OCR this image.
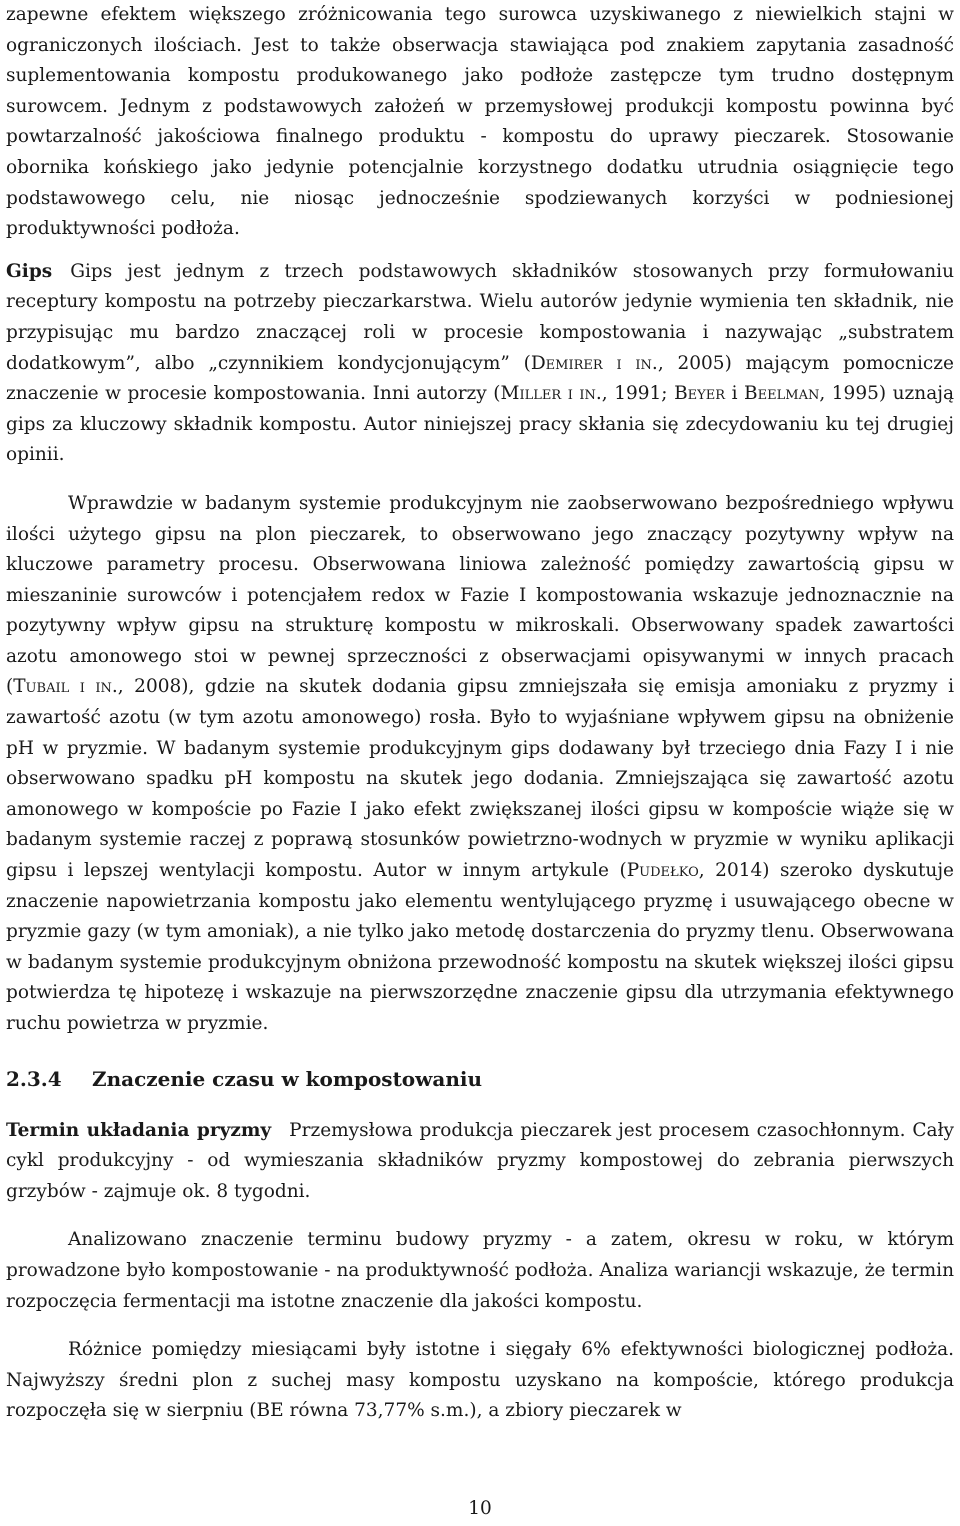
zapewne efektem większego zróżnicowania tego surowca uzyskiwanego z niewielkich stajni w ograniczonych ilościach. Jest to także obserwacja stawiająca pod znakiem zapytania zasadność suplementowania kompostu produkowanego jako podłoże zastępcze tym trudno dostępnym surowcem. Jednym z podstawowych założeń w przemysłowej produkcji kompostu powinna być powtarzalność jakościowa finalnego produktu - kompostu do uprawy pieczarek. Stosowanie obornika końskiego jako jedynie potencjalnie korzystnego dodatku utrudnia osiągnięcie tego podstawowego celu, nie niosąc jednocześnie spodziewanych korzyści w podniesionej produktywności podłoża.

Gips Gips jest jednym z trzech podstawowych składników stosowanych przy formułowaniu receptury kompostu na potrzeby pieczarkarstwa. Wielu autorów jedynie wymienia ten składnik, nie przypisując mu bardzo znaczącej roli w procesie kompostowania i nazywając „substratem dodatkowym”, albo „czynnikiem kondycjonującym” (Demirer i in., 2005) mającym pomocnicze znaczenie w procesie kompostowania. Inni autorzy (Miller i in., 1991; Beyer i Beelman, 1995) uznają gips za kluczowy składnik kompostu. Autor niniejszej pracy skłania się zdecydowaniu ku tej drugiej opinii.

Wprawdzie w badanym systemie produkcyjnym nie zaobserwowano bezpośredniego wpływu ilości użytego gipsu na plon pieczarek, to obserwowano jego znaczący pozytywny wpływ na kluczowe parametry procesu. Obserwowana liniowa zależność pomiędzy zawartością gipsu w mieszaninie surowców i potencjałem redox w Fazie I kompostowania wskazuje jednoznacznie na pozytywny wpływ gipsu na strukturę kompostu w mikroskali. Obserwowany spadek zawartości azotu amonowego stoi w pewnej sprzeczności z obserwacjami opisywanymi w innych pracach (Tubail i in., 2008), gdzie na skutek dodania gipsu zmniejszała się emisja amoniaku z pryzmy i zawartość azotu (w tym azotu amonowego) rosła. Było to wyjaśniane wpływem gipsu na obniżenie pH w pryzmie. W badanym systemie produkcyjnym gips dodawany był trzeciego dnia Fazy I i nie obserwowano spadku pH kompostu na skutek jego dodania. Zmniejszająca się zawartość azotu amonowego w kompoście po Fazie I jako efekt zwiększanej ilości gipsu w kompoście wiąże się w badanym systemie raczej z poprawą stosunków powietrzno-wodnych w pryzmie w wyniku aplikacji gipsu i lepszej wentylacji kompostu. Autor w innym artykule (Pudełko, 2014) szeroko dyskutuje znaczenie napowietrzania kompostu jako elementu wentylującego pryzmę i usuwającego obecne w pryzmie gazy (w tym amoniak), a nie tylko jako metodę dostarczenia do pryzmy tlenu. Obserwowana w badanym systemie produkcyjnym obniżona przewodność kompostu na skutek większej ilości gipsu potwierdza tę hipotezę i wskazuje na pierwszorzędne znaczenie gipsu dla utrzymania efektywnego ruchu powietrza w pryzmie.

2.3.4 Znaczenie czasu w kompostowaniu

Termin układania pryzmy Przemysłowa produkcja pieczarek jest procesem czasochłonnym. Cały cykl produkcyjny - od wymieszania składników pryzmy kompostowej do zebrania pierwszych grzybów - zajmuje ok. 8 tygodni.

Analizowano znaczenie terminu budowy pryzmy - a zatem, okresu w roku, w którym prowadzone było kompostowanie - na produktywność podłoża. Analiza wariancji wskazuje, że termin rozpoczęcia fermentacji ma istotne znaczenie dla jakości kompostu.

Różnice pomiędzy miesiącami były istotne i sięgały 6% efektywności biologicznej podłoża. Najwyższy średni plon z suchej masy kompostu uzyskano na kompoście, którego produkcja rozpoczęła się w sierpniu (BE równa 73,77% s.m.), a zbiory pieczarek w

10
